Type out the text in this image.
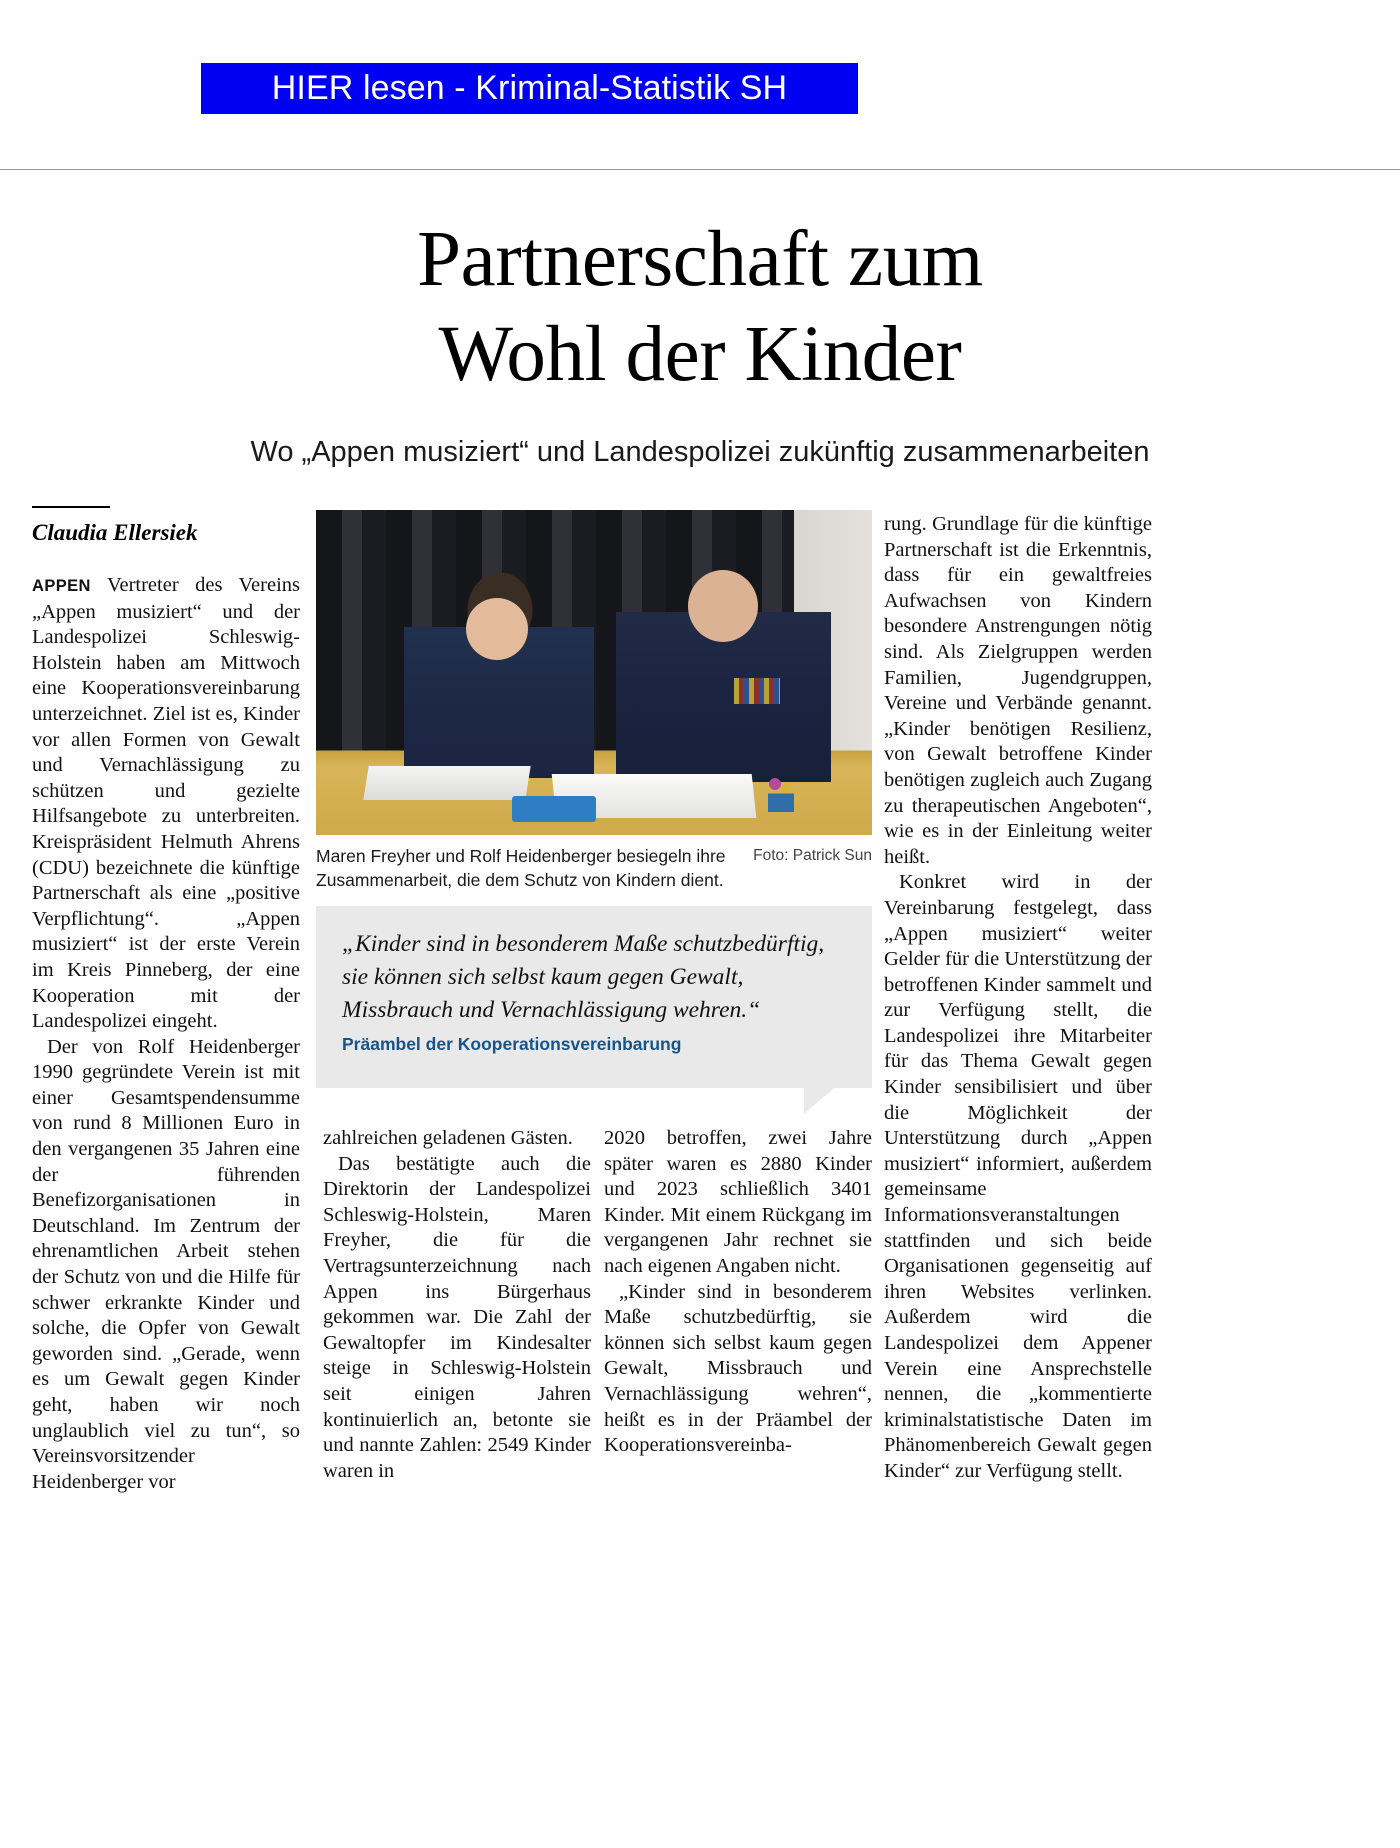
HIER lesen - Kriminal-Statistik SH
Partnerschaft zum
Wohl der Kinder
Wo „Appen musiziert“ und Landespolizei zukünftig zusammenarbeiten
Claudia Ellersiek

APPEN Vertreter des Vereins „Appen musiziert“ und der Landespolizei Schleswig-Holstein haben am Mittwoch eine Kooperationsvereinbarung unterzeichnet. Ziel ist es, Kinder vor allen Formen von Gewalt und Vernachlässigung zu schützen und gezielte Hilfsangebote zu unterbreiten. Kreispräsident Helmuth Ahrens (CDU) bezeichnete die künftige Partnerschaft als eine „positive Verpflichtung“. „Appen musiziert“ ist der erste Verein im Kreis Pinneberg, der eine Kooperation mit der Landespolizei eingeht.

Der von Rolf Heidenberger 1990 gegründete Verein ist mit einer Gesamtspendensumme von rund 8 Millionen Euro in den vergangenen 35 Jahren eine der führenden Benefizorganisationen in Deutschland. Im Zentrum der ehrenamtlichen Arbeit stehen der Schutz von und die Hilfe für schwer erkrankte Kinder und solche, die Opfer von Gewalt geworden sind. „Gerade, wenn es um Gewalt gegen Kinder geht, haben wir noch unglaublich viel zu tun“, so Vereinsvorsitzender Heidenberger vor

Foto: Patrick Sun
Maren Freyher und Rolf Heidenberger besiegeln ihre Zusammenarbeit, die dem Schutz von Kindern dient.
„Kinder sind in besonderem Maße schutzbedürftig, sie können sich selbst kaum gegen Gewalt, Missbrauch und Vernachlässigung wehren.“
Präambel der Kooperationsvereinbarung

zahlreichen geladenen Gästen.

Das bestätigte auch die Direktorin der Landespolizei Schleswig-Holstein, Maren Freyher, die für die Vertragsunterzeichnung nach Appen ins Bürgerhaus gekommen war. Die Zahl der Gewaltopfer im Kindesalter steige in Schleswig-Holstein seit einigen Jahren kontinuierlich an, betonte sie und nannte Zahlen: 2549 Kinder waren in

2020 betroffen, zwei Jahre später waren es 2880 Kinder und 2023 schließlich 3401 Kinder. Mit einem Rückgang im vergangenen Jahr rechnet sie nach eigenen Angaben nicht.

„Kinder sind in besonderem Maße schutzbedürftig, sie können sich selbst kaum gegen Gewalt, Missbrauch und Vernachlässigung wehren“, heißt es in der Präambel der Kooperationsvereinba-

rung. Grundlage für die künftige Partnerschaft ist die Erkenntnis, dass für ein gewaltfreies Aufwachsen von Kindern besondere Anstrengungen nötig sind. Als Zielgruppen werden Familien, Jugendgruppen, Vereine und Verbände genannt. „Kinder benötigen Resilienz, von Gewalt betroffene Kinder benötigen zugleich auch Zugang zu therapeutischen Angeboten“, wie es in der Einleitung weiter heißt.

Konkret wird in der Vereinbarung festgelegt, dass „Appen musiziert“ weiter Gelder für die Unterstützung der betroffenen Kinder sammelt und zur Verfügung stellt, die Landespolizei ihre Mitarbeiter für das Thema Gewalt gegen Kinder sensibilisiert und über die Möglichkeit der Unterstützung durch „Appen musiziert“ informiert, außerdem gemeinsame Informationsveranstaltungen stattfinden und sich beide Organisationen gegenseitig auf ihren Websites verlinken. Außerdem wird die Landespolizei dem Appener Verein eine Ansprechstelle nennen, die „kommentierte kriminalstatistische Daten im Phänomenbereich Gewalt gegen Kinder“ zur Verfügung stellt.
